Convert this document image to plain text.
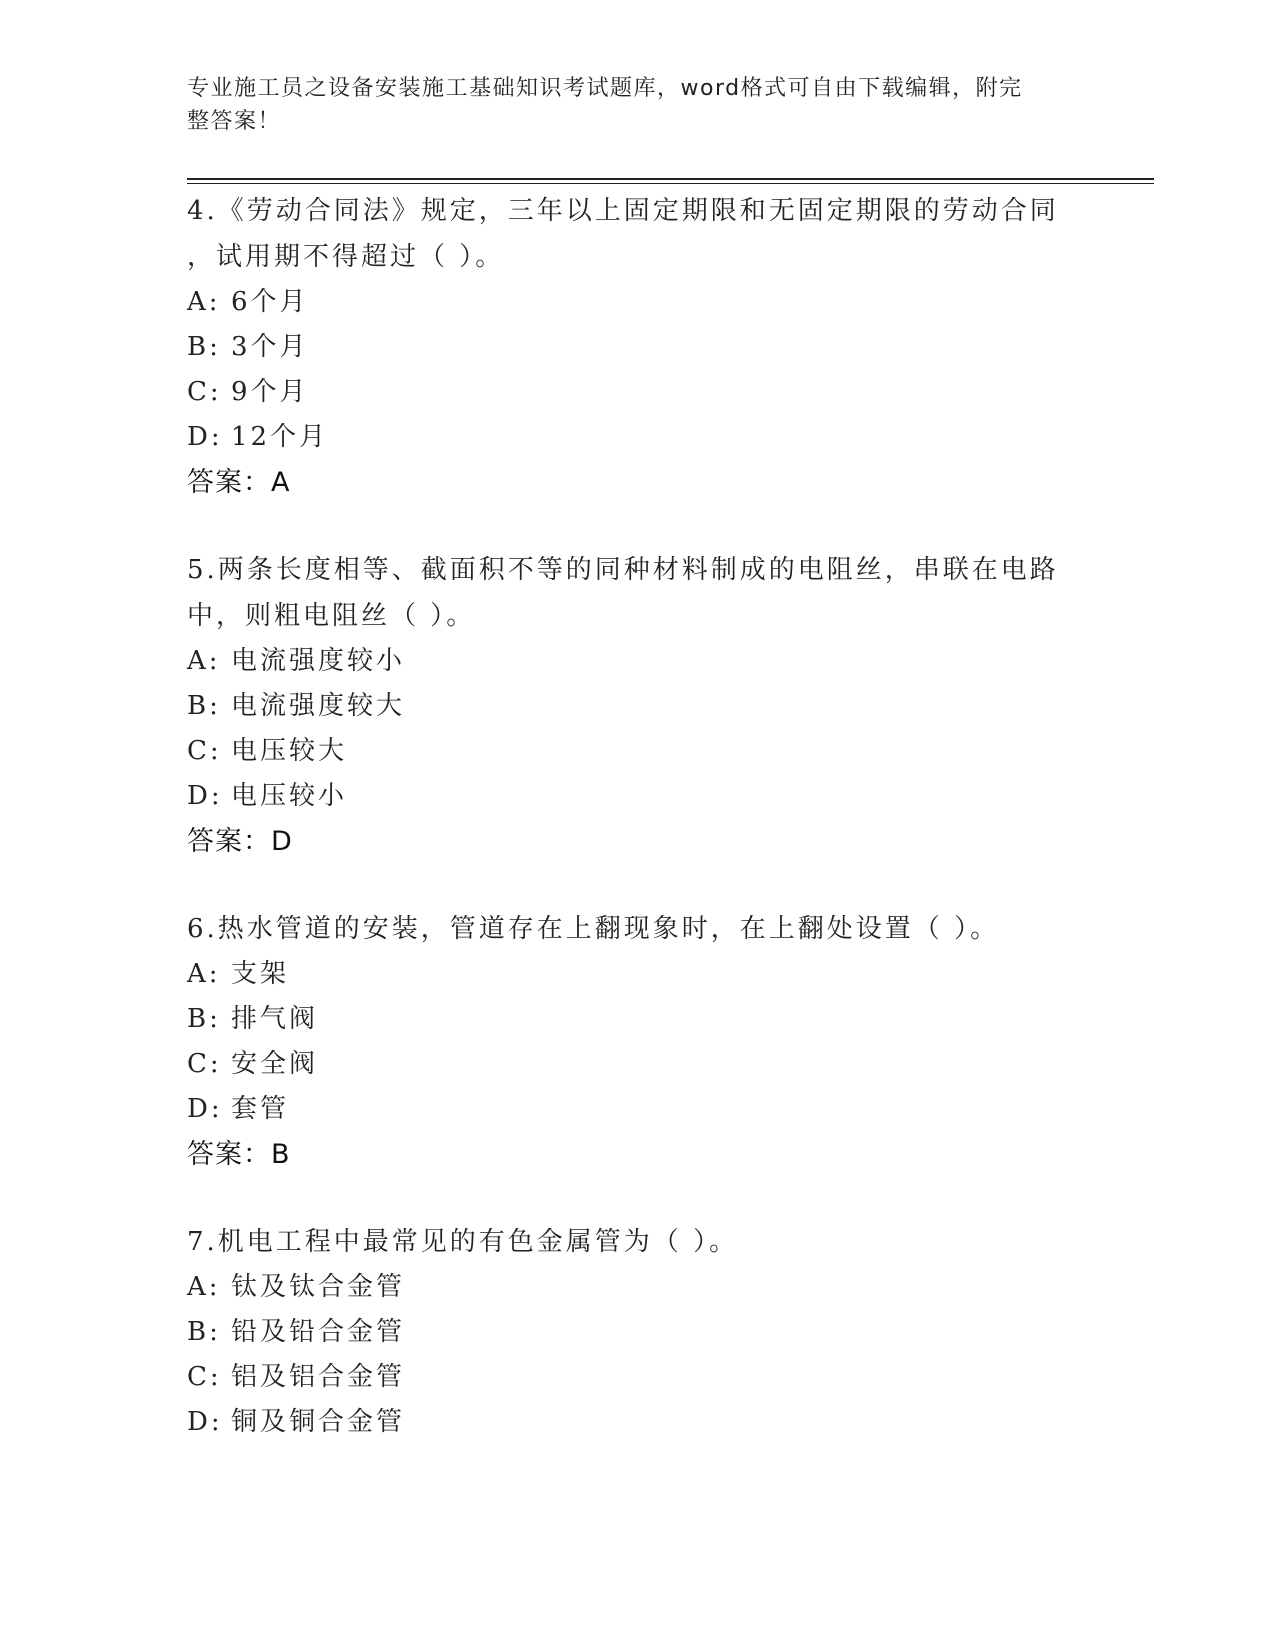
专业施工员之设备安装施工基础知识考试题库，word格式可自由下载编辑，附完
整答案！

4.《劳动合同法》规定，三年以上固定期限和无固定期限的劳动合同

，试用期不得超过（ ）。

A: 6个月

B: 3个月

C: 9个月

D: 12个月

答案：A

5.两条长度相等、截面积不等的同种材料制成的电阻丝，串联在电路

中，则粗电阻丝（ ）。

A: 电流强度较小

B: 电流强度较大

C: 电压较大

D: 电压较小

答案：D

6.热水管道的安装，管道存在上翻现象时，在上翻处设置（ ）。

A: 支架

B: 排气阀

C: 安全阀

D: 套管

答案：B

7.机电工程中最常见的有色金属管为（ ）。

A: 钛及钛合金管

B: 铅及铅合金管

C: 铝及铝合金管

D: 铜及铜合金管
